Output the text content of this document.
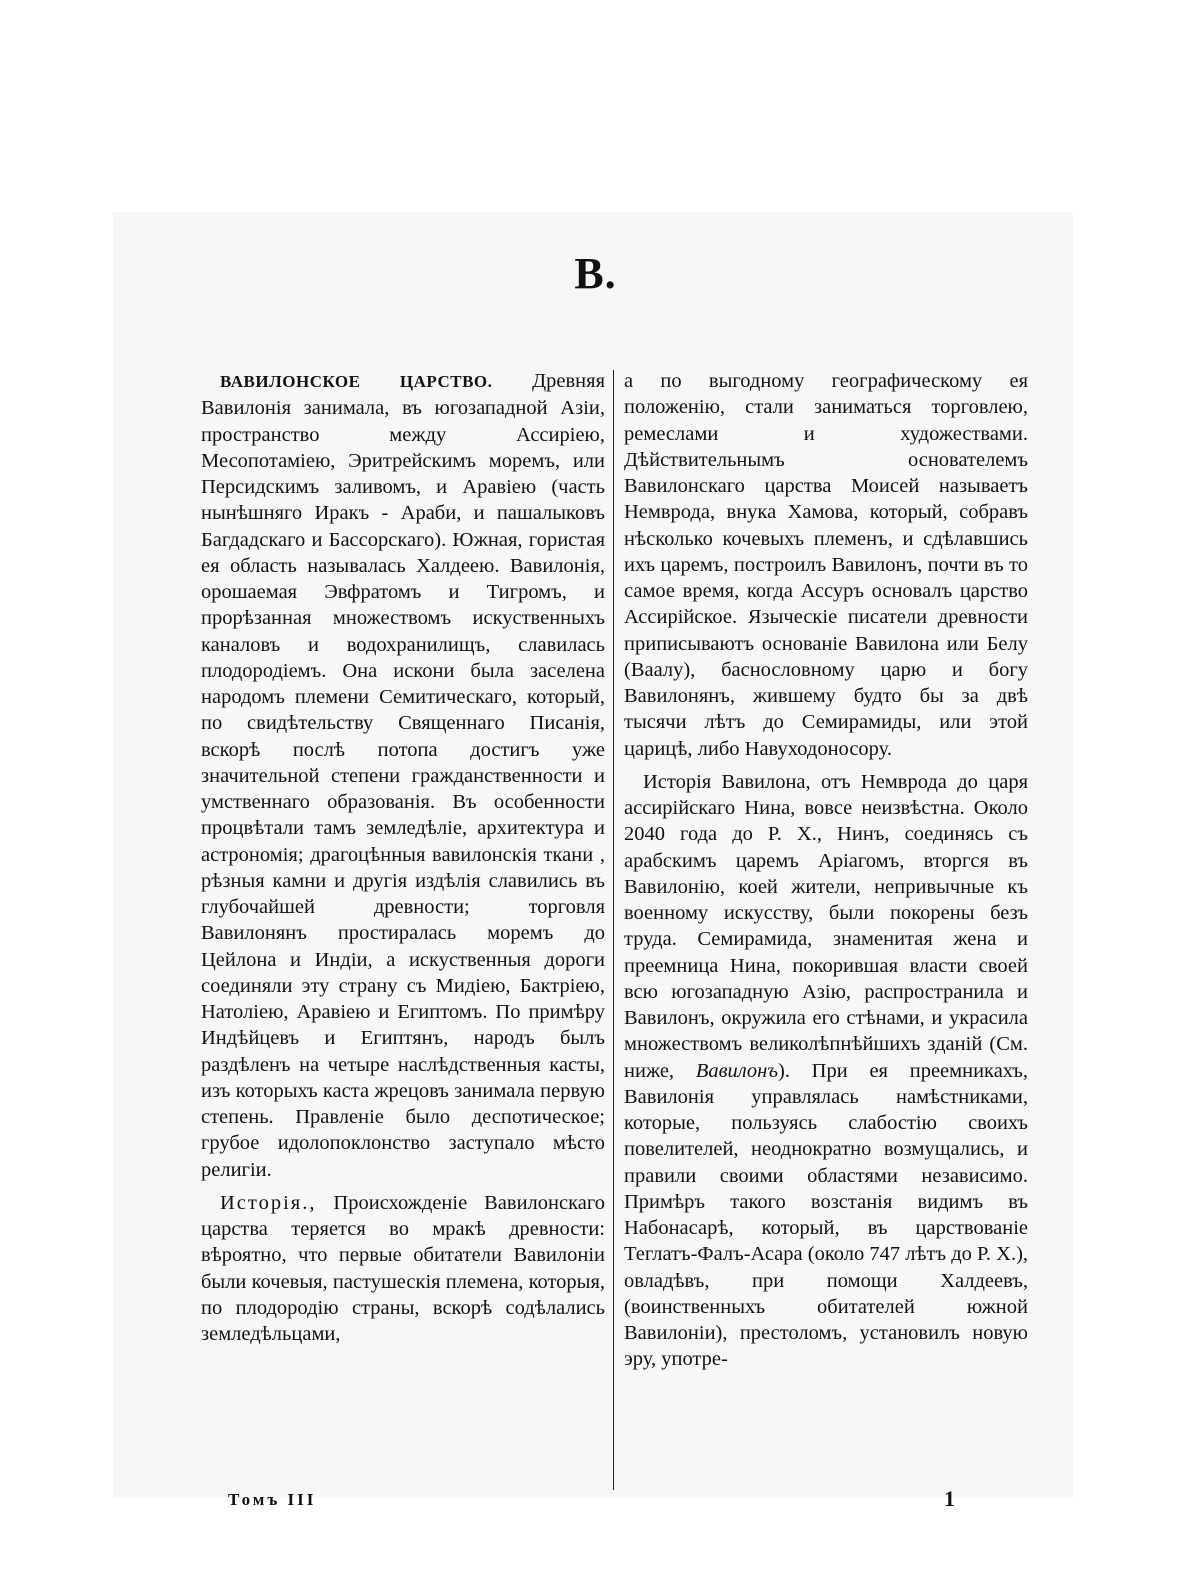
В.

ВАВИЛОНСКОЕ ЦАРСТВО. Древняя Вавилонія занимала, въ югозападной Азіи, пространство между Ассиріею, Месопотаміею, Эритрейскимъ моремъ, или Персидскимъ заливомъ, и Аравіею (часть нынѣшняго Иракъ - Араби, и пашалыковъ Багдадскаго и Бассорскаго). Южная, гористая ея область называлась Халдеею. Вавилонія, орошаемая Эвфратомъ и Тигромъ, и прорѣзанная множествомъ искуственныхъ каналовъ и водохранилищъ, славилась плодородіемъ. Она искони была заселена народомъ племени Семитическаго, который, по свидѣтельству Священнаго Писанія, вскорѣ послѣ потопа достигъ уже значительной степени гражданственности и умственнаго образованія. Въ особенности процвѣтали тамъ земледѣліе, архитектура и астрономія; драгоцѣнныя вавилонскія ткани , рѣзныя камни и другія издѣлія славились въ глубочайшей древности; торговля Вавилонянъ простиралась моремъ до Цейлона и Индіи, а искуственныя дороги соединяли эту страну съ Мидіею, Бактріею, Натоліею, Аравіею и Египтомъ. По примѣру Индѣйцевъ и Египтянъ, народъ былъ раздѣленъ на четыре наслѣдственныя касты, изъ которыхъ каста жрецовъ занимала первую степень. Правленіе было деспотическое; грубое идолопоклонство заступало мѣсто религіи.

Исторія., Происхожденіе Вавилонскаго царства теряется во мракѣ древности: вѣроятно, что первые обитатели Вавилоніи были кочевыя, пастушескія племена, которыя, по плодородію страны, вскорѣ содѣлались земледѣльцами,

а по выгодному географическому ея положенію, стали заниматься торговлею, ремеслами и художествами. Дѣйствительнымъ основателемъ Вавилонскаго царства Моисей называетъ Немврода, внука Хамова, который, собравъ нѣсколько кочевыхъ племенъ, и сдѣлавшись ихъ царемъ, построилъ Вавилонъ, почти въ то самое время, когда Ассуръ основалъ царство Ассирійское. Языческіе писатели древности приписываютъ основаніе Вавилона или Белу (Ваалу), баснословному царю и богу Вавилонянъ, жившему будто бы за двѣ тысячи лѣтъ до Семирамиды, или этой царицѣ, либо Навуходоносору.

Исторія Вавилона, отъ Немврода до царя ассирійскаго Нина, вовсе неизвѣстна. Около 2040 года до Р. Х., Нинъ, соединясь съ арабскимъ царемъ Аріагомъ, вторгся въ Вавилонію, коей жители, непривычные къ военному искусству, были покорены безъ труда. Семирамида, знаменитая жена и преемница Нина, покорившая власти своей всю югозападную Азію, распространила и Вавилонъ, окружила его стѣнами, и украсила множествомъ великолѣпнѣйшихъ зданій (См. ниже, Вавилонъ). При ея преемникахъ, Вавилонія управлялась намѣстниками, которые, пользуясь слабостію своихъ повелителей, неоднократно возмущались, и правили своими областями независимо. Примѣръ такого возстанія видимъ въ Набонасарѣ, который, въ царствованіе Теглатъ-Фалъ-Асара (около 747 лѣтъ до Р. Х.), овладѣвъ, при помощи Халдеевъ, (воинственныхъ обитателей южной Вавилоніи), престоломъ, установилъ новую эру, употре-

Томъ III	1
